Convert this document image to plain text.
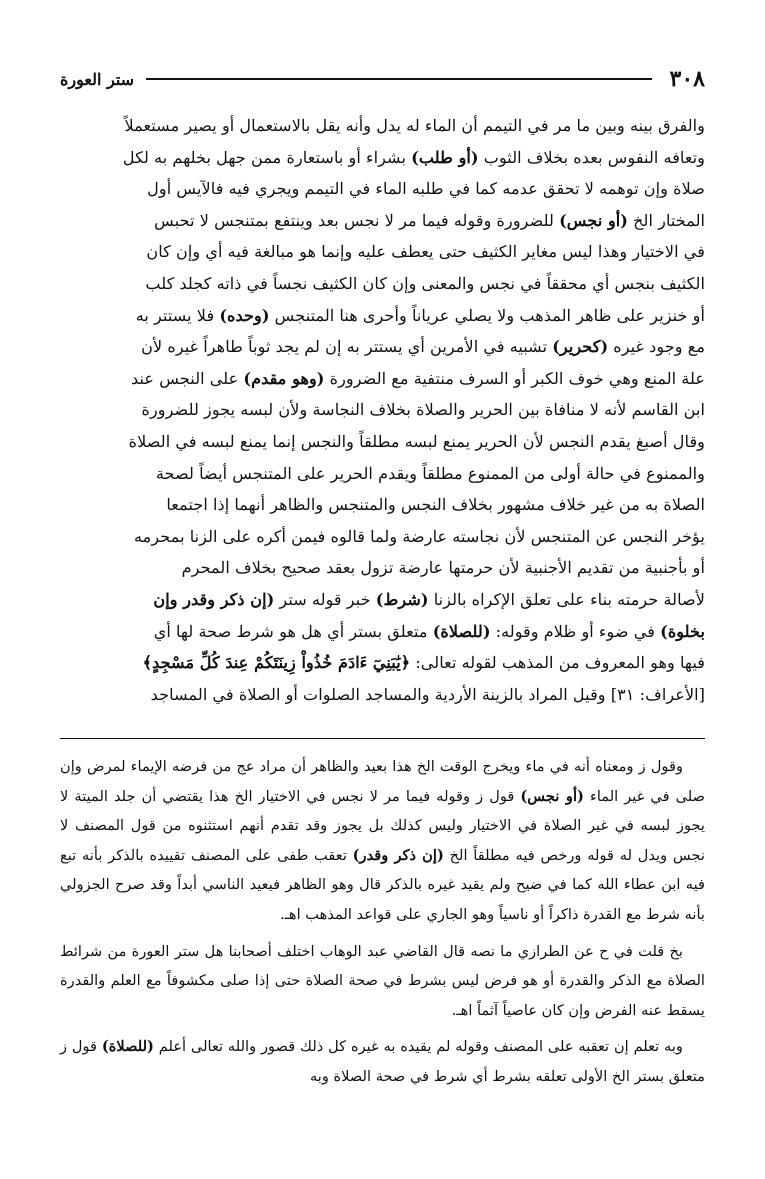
٣٠٨
ستر العورة

والفرق بينه وبين ما مر في التيمم أن الماء له يدل وأنه يقل بالاستعمال أو يصير مستعملاً

وتعافه النفوس بعده بخلاف الثوب (أو طلب) بشراء أو باستعارة ممن جهل بخلهم به لكل

صلاة وإن توهمه لا تحقق عدمه كما في طلبه الماء في التيمم ويجري فيه فالآيس أول

المختار الخ (أو نجس) للضرورة وقوله فيما مر لا نجس بعد وينتفع بمتنجس لا تحبس

في الاختيار وهذا ليس مغاير الكثيف حتى يعطف عليه وإنما هو مبالغة فيه أي وإن كان

الكثيف بنجس أي محققاً في نجس والمعنى وإن كان الكثيف نجساً في ذاته كجلد كلب

أو خنزير على ظاهر المذهب ولا يصلي عرياناً وأحرى هنا المتنجس (وحده) فلا يستتر به

مع وجود غيره (كحرير) تشبيه في الأمرين أي يستتر به إن لم يجد ثوباً طاهراً غيره لأن

علة المنع وهي خوف الكبر أو السرف منتفية مع الضرورة (وهو مقدم) على النجس عند

ابن القاسم لأنه لا منافاة بين الحرير والصلاة بخلاف النجاسة ولأن لبسه يجوز للضرورة

وقال أصبغ يقدم النجس لأن الحرير يمنع لبسه مطلقاً والنجس إنما يمنع لبسه في الصلاة

والممنوع في حالة أولى من الممنوع مطلقاً ويقدم الحرير على المتنجس أيضاً لصحة

الصلاة به من غير خلاف مشهور بخلاف النجس والمتنجس والظاهر أنهما إذا اجتمعا

يؤخر النجس عن المتنجس لأن نجاسته عارضة ولما قالوه فيمن أكره على الزنا بمحرمه

أو بأجنبية من تقديم الأجنبية لأن حرمتها عارضة تزول بعقد صحيح بخلاف المحرم

لأصالة حرمته بناء على تعلق الإكراه بالزنا (شرط) خبر قوله ستر (إن ذكر وقدر وإن

بخلوة) في ضوء أو ظلام وقوله: (للصلاة) متعلق بستر أي هل هو شرط صحة لها أي

فيها وهو المعروف من المذهب لقوله تعالى: ﴿يَٰبَنِيٓ ءَادَمَ خُذُواْ زِينَتَكُمْ عِندَ كُلِّ مَسْجِدٍ﴾

[الأعراف: ٣١] وقيل المراد بالزينة الأردية والمساجد الصلوات أو الصلاة في المساجد

وقول ز ومعناه أنه في ماء ويخرج الوقت الخ هذا بعيد والظاهر أن مراد عج من فرضه الإيماء لمرض وإن صلى في غير الماء (أو نجس) قول ز وقوله فيما مر لا نجس في الاختيار الخ هذا يقتضي أن جلد الميتة لا يجوز لبسه في غير الصلاة في الاختيار وليس كذلك بل يجوز وقد تقدم أنهم استثنوه من قول المصنف لا نجس ويدل له قوله ورخص فيه مطلقاً الخ (إن ذكر وقدر) تعقب طفى على المصنف تقييده بالذكر بأنه تبع فيه ابن عطاء الله كما في ضيح ولم يقيد غيره بالذكر قال وهو الظاهر فيعيد الناسي أبداً وقد صرح الجزولي بأنه شرط مع القدرة ذاكراً أو ناسياً وهو الجاري على قواعد المذهب اهـ.

بخ قلت في ح عن الطرازي ما نصه قال القاضي عبد الوهاب اختلف أصحابنا هل ستر العورة من شرائط الصلاة مع الذكر والقدرة أو هو فرض ليس بشرط في صحة الصلاة حتى إذا صلى مكشوفاً مع العلم والقدرة يسقط عنه الفرض وإن كان عاصياً آثماً اهـ.

وبه تعلم إن تعقبه على المصنف وقوله لم يقيده به غيره كل ذلك قصور والله تعالى أعلم (للصلاة) قول ز متعلق بستر الخ الأولى تعلقه بشرط أي شرط في صحة الصلاة وبه
